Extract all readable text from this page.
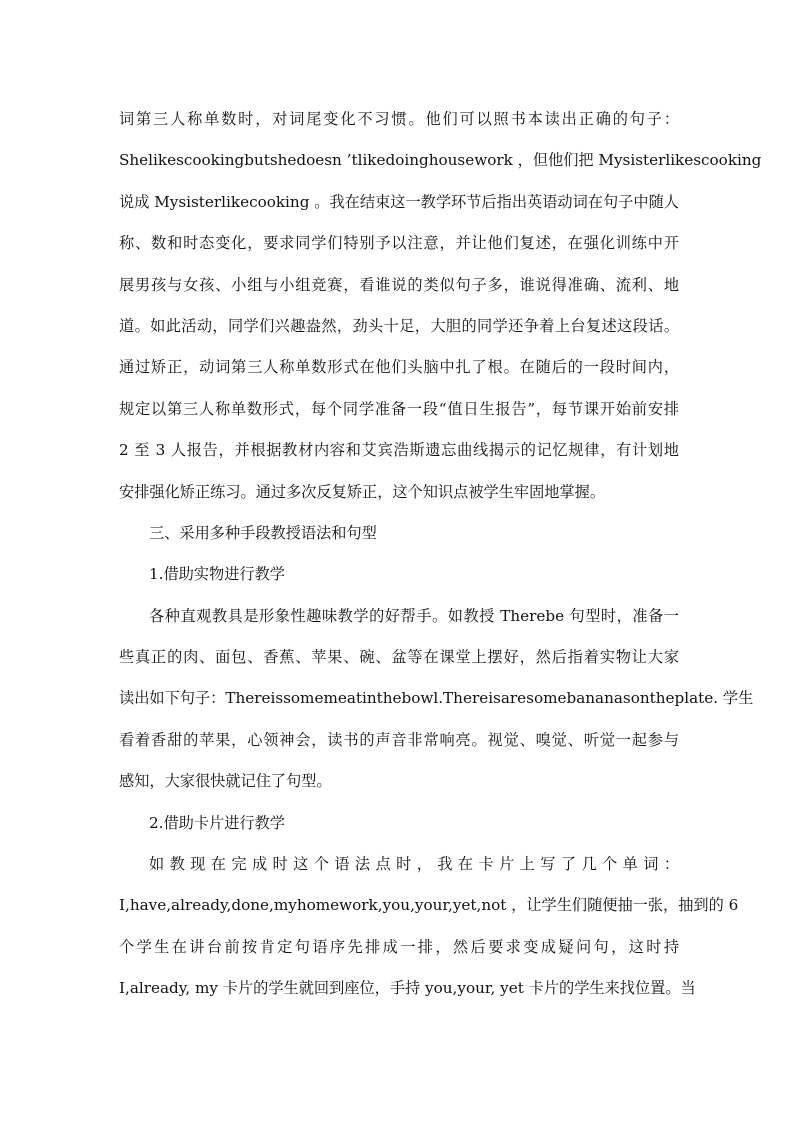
词第三人称单数时，对词尾变化不习惯。他们可以照书本读出正确的句子：
Shelikescookingbutshedoesn ’tlikedoinghousework ，但他们把 Mysisterlikescooking
说成 Mysisterlikecooking 。我在结束这一教学环节后指出英语动词在句子中随人
称、数和时态变化，要求同学们特别予以注意，并让他们复述，在强化训练中开
展男孩与女孩、小组与小组竞赛，看谁说的类似句子多，谁说得准确、流利、地
道。如此活动，同学们兴趣盎然，劲头十足，大胆的同学还争着上台复述这段话。
通过矫正，动词第三人称单数形式在他们头脑中扎了根。在随后的一段时间内，
规定以第三人称单数形式，每个同学准备一段“值日生报告”，每节课开始前安排
2 至 3 人报告，并根据教材内容和艾宾浩斯遗忘曲线揭示的记忆规律，有计划地
安排强化矫正练习。通过多次反复矫正，这个知识点被学生牢固地掌握。
三、采用多种手段教授语法和句型
1.借助实物进行教学
各种直观教具是形象性趣味教学的好帮手。如教授 Therebe 句型时，准备一
些真正的肉、面包、香蕉、苹果、碗、盆等在课堂上摆好，然后指着实物让大家
读出如下句子：Thereissomemeatinthebowl.Thereisaresomebananasontheplate. 学生
看着香甜的苹果，心领神会，读书的声音非常响亮。视觉、嗅觉、听觉一起参与
感知，大家很快就记住了句型。
2.借助卡片进行教学
如教现在完成时这个语法点时，我在卡片上写了几个单词：
I,have,already,done,myhomework,you,your,yet,not ，让学生们随便抽一张，抽到的 6
个学生在讲台前按肯定句语序先排成一排，然后要求变成疑问句，这时持
I,already, my 卡片的学生就回到座位，手持 you,your, yet 卡片的学生来找位置。当
